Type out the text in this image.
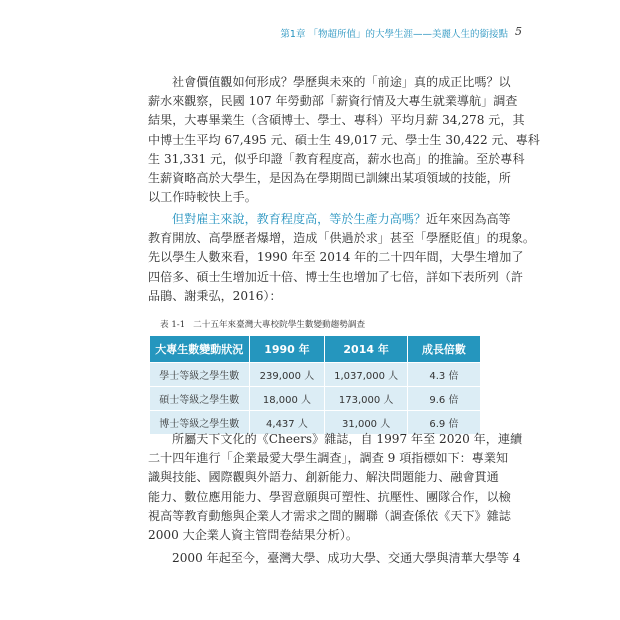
第1章 「物超所值」的大學生涯——美麗人生的銜接點 5
社會價值觀如何形成？學歷與未來的「前途」真的成正比嗎？以
薪水來觀察，民國 107 年勞動部「薪資行情及大專生就業導航」調查
結果，大專畢業生（含碩博士、學士、專科）平均月薪 34,278 元，其
中博士生平均 67,495 元、碩士生 49,017 元、學士生 30,422 元、專科
生 31,331 元，似乎印證「教育程度高，薪水也高」的推論。至於專科
生薪資略高於大學生，是因為在學期間已訓練出某項領域的技能，所
以工作時較快上手。
但對雇主來說，教育程度高，等於生產力高嗎？近年來因為高等
教育開放、高學歷者爆增，造成「供過於求」甚至「學歷貶值」的現象。
先以學生人數來看，1990 年至 2014 年的二十四年間，大學生增加了
四倍多、碩士生增加近十倍、博士生也增加了七倍，詳如下表所列（許
品鵑、謝秉弘，2016）：
表 1-1 二十五年來臺灣大專校院學生數變動趨勢調查
大專生數變動狀況	1990 年	2014 年	成長倍數
學士等級之學生數	239,000 人	1,037,000 人	4.3 倍
碩士等級之學生數	18,000 人	173,000 人	9.6 倍
博士等級之學生數	4,437 人	31,000 人	6.9 倍
所屬天下文化的《Cheers》雜誌，自 1997 年至 2020 年，連續
二十四年進行「企業最愛大學生調查」，調查 9 項指標如下：專業知
識與技能、國際觀與外語力、創新能力、解決問題能力、融會貫通
能力、數位應用能力、學習意願與可塑性、抗壓性、團隊合作，以檢
視高等教育動態與企業人才需求之間的關聯（調查係依《天下》雜誌
2000 大企業人資主管問卷結果分析）。
2000 年起至今，臺灣大學、成功大學、交通大學與清華大學等 4
